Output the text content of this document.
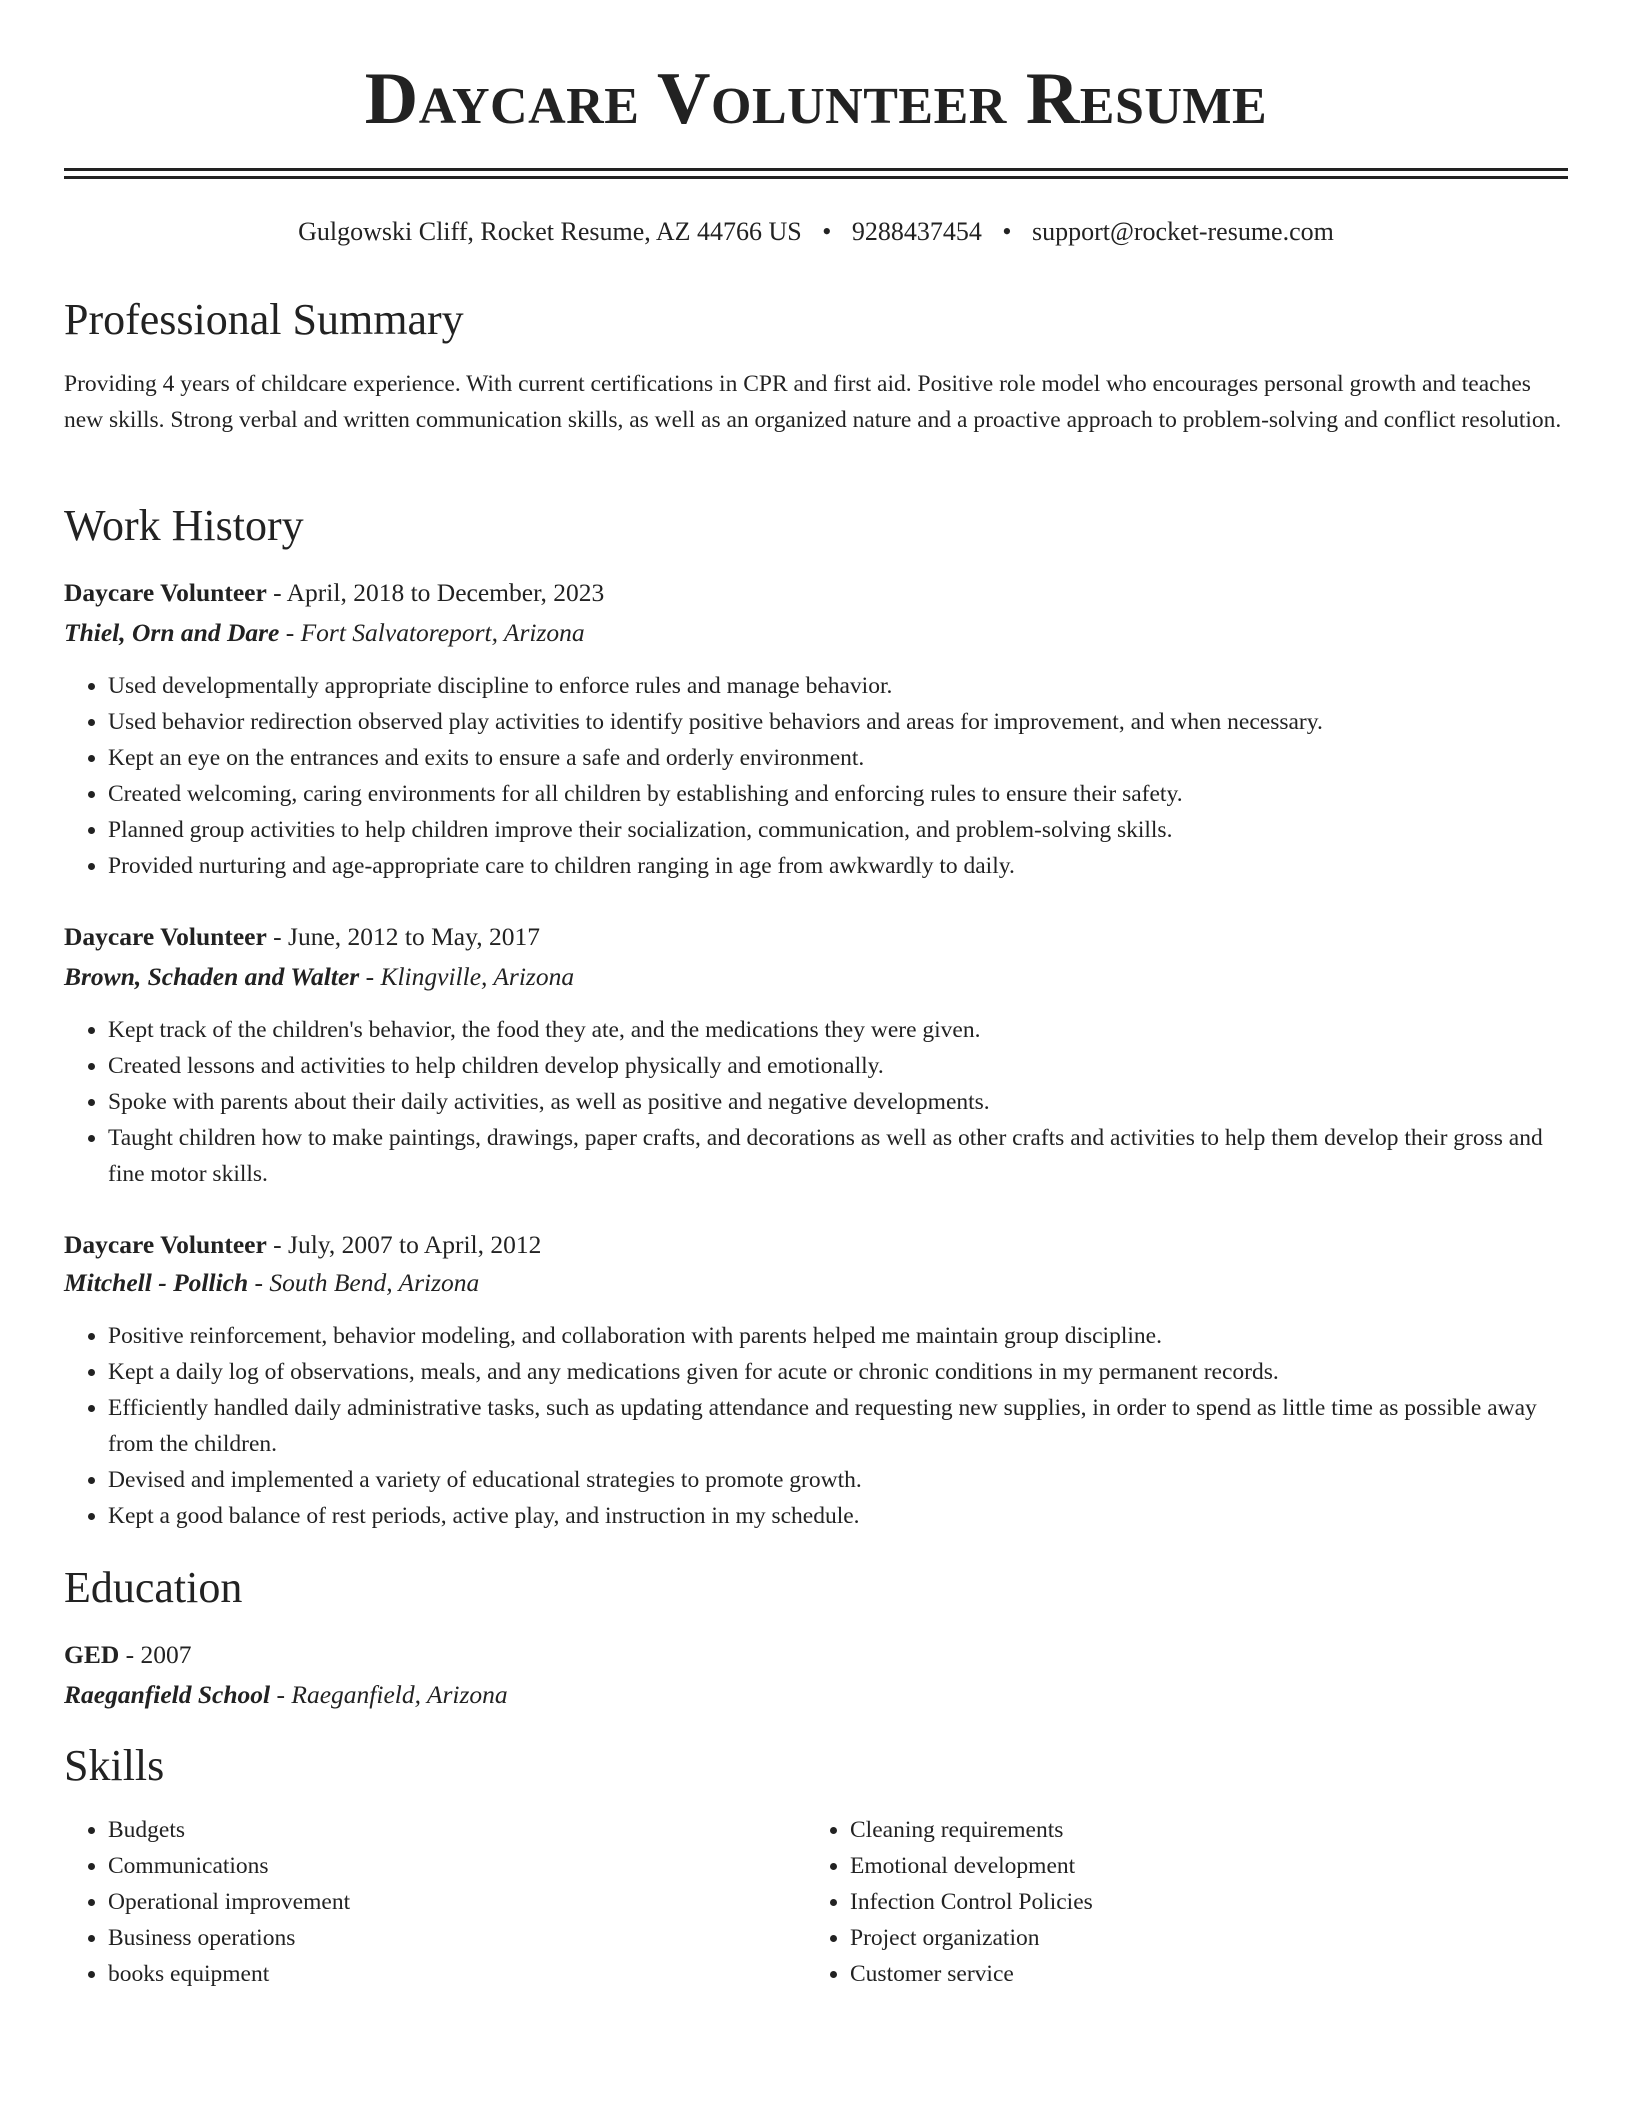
Daycare Volunteer Resume
Gulgowski Cliff, Rocket Resume, AZ 44766 US • 9288437454 • support@rocket-resume.com
Professional Summary

Providing 4 years of childcare experience. With current certifications in CPR and first aid. Positive role model who encourages personal growth and teaches new skills. Strong verbal and written communication skills, as well as an organized nature and a proactive approach to problem-solving and conflict resolution.

Work History
Daycare Volunteer - April, 2018 to December, 2023
Thiel, Orn and Dare - Fort Salvatoreport, Arizona
• Used developmentally appropriate discipline to enforce rules and manage behavior.
• Used behavior redirection observed play activities to identify positive behaviors and areas for improvement, and when necessary.
• Kept an eye on the entrances and exits to ensure a safe and orderly environment.
• Created welcoming, caring environments for all children by establishing and enforcing rules to ensure their safety.
• Planned group activities to help children improve their socialization, communication, and problem-solving skills.
• Provided nurturing and age-appropriate care to children ranging in age from awkwardly to daily.
Daycare Volunteer - June, 2012 to May, 2017
Brown, Schaden and Walter - Klingville, Arizona
• Kept track of the children's behavior, the food they ate, and the medications they were given.
• Created lessons and activities to help children develop physically and emotionally.
• Spoke with parents about their daily activities, as well as positive and negative developments.
• Taught children how to make paintings, drawings, paper crafts, and decorations as well as other crafts and activities to help them develop their gross and fine motor skills.
Daycare Volunteer - July, 2007 to April, 2012
Mitchell - Pollich - South Bend, Arizona
• Positive reinforcement, behavior modeling, and collaboration with parents helped me maintain group discipline.
• Kept a daily log of observations, meals, and any medications given for acute or chronic conditions in my permanent records.
• Efficiently handled daily administrative tasks, such as updating attendance and requesting new supplies, in order to spend as little time as possible away from the children.
• Devised and implemented a variety of educational strategies to promote growth.
• Kept a good balance of rest periods, active play, and instruction in my schedule.
Education
GED - 2007
Raeganfield School - Raeganfield, Arizona
Skills
• Budgets
• Communications
• Operational improvement
• Business operations
• books equipment
• Cleaning requirements
• Emotional development
• Infection Control Policies
• Project organization
• Customer service
